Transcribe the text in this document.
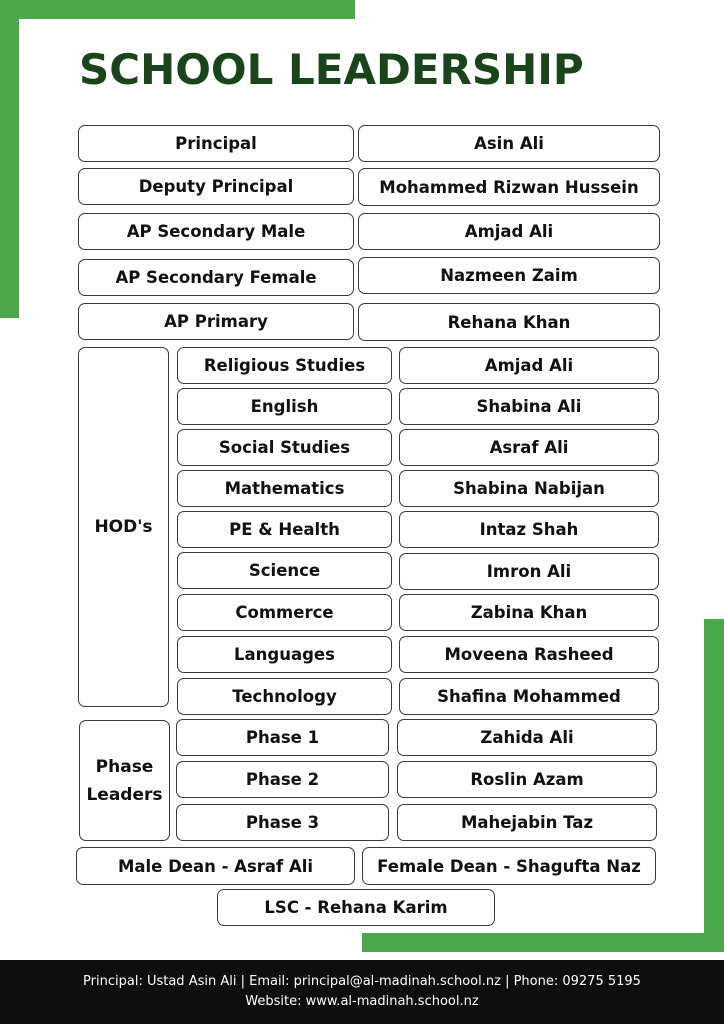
SCHOOL LEADERSHIP
Principal	Asin Ali
Deputy Principal	Mohammed Rizwan Hussein
AP Secondary Male	Amjad Ali
AP Secondary Female	Nazmeen Zaim
AP Primary	Rehana Khan
HOD's
Religious Studies	Amjad Ali
English	Shabina Ali
Social Studies	Asraf Ali
Mathematics	Shabina Nabijan
PE & Health	Intaz Shah
Science	Imron Ali
Commerce	Zabina Khan
Languages	Moveena Rasheed
Technology	Shafina Mohammed
Phase
Leaders
Phase 1	Zahida Ali
Phase 2	Roslin Azam
Phase 3	Mahejabin Taz
Male Dean - Asraf Ali	Female Dean - Shagufta Naz
LSC - Rehana Karim
Principal: Ustad Asin Ali | Email: principal@al-madinah.school.nz | Phone: 09275 5195
Website: www.al-madinah.school.nz
